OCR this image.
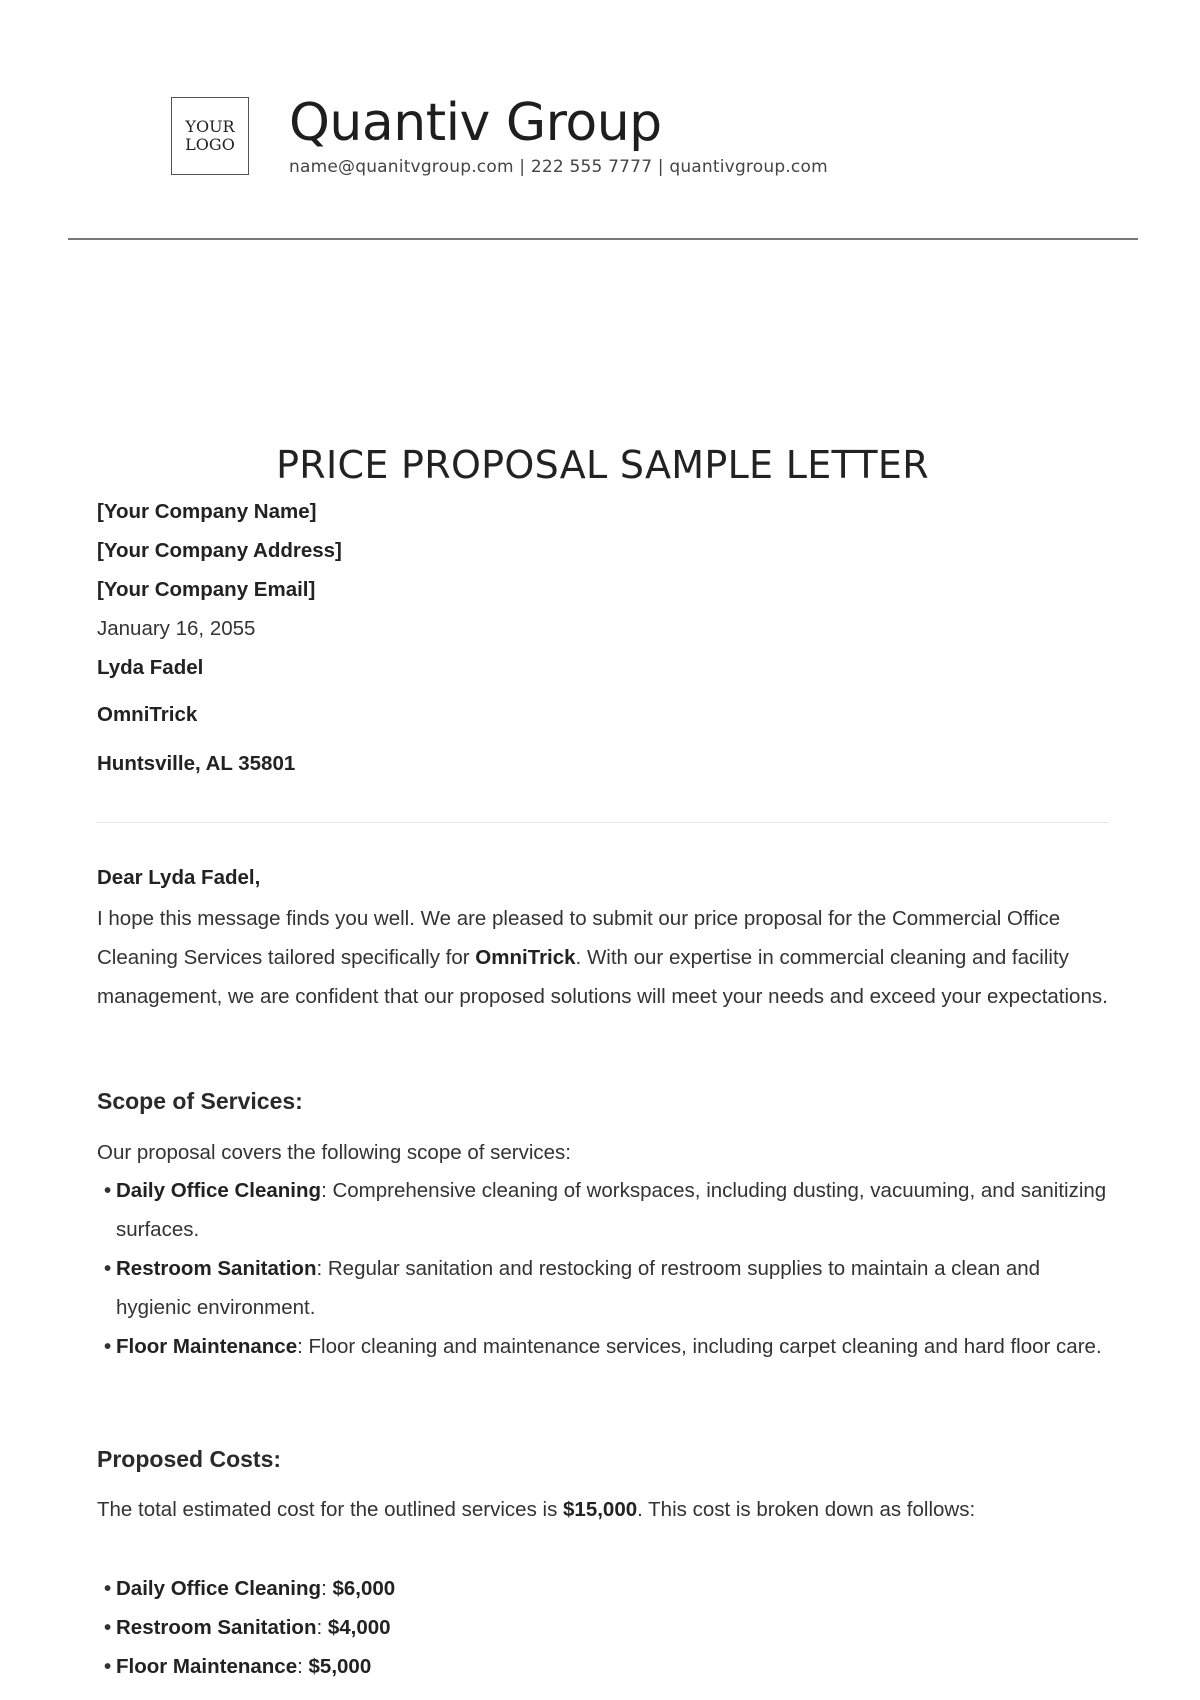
YOUR
LOGO Quantiv Group
name@quanitvgroup.com | 222 555 7777 | quantivgroup.com
PRICE PROPOSAL SAMPLE LETTER
[Your Company Name]
[Your Company Address]
[Your Company Email]
January 16, 2055
Lyda Fadel
OmniTrick
Huntsville, AL 35801
Dear Lyda Fadel,
I hope this message finds you well. We are pleased to submit our price proposal for the Commercial Office Cleaning Services tailored specifically for OmniTrick. With our expertise in commercial cleaning and facility management, we are confident that our proposed solutions will meet your needs and exceed your expectations.
Scope of Services:
Our proposal covers the following scope of services:
• Daily Office Cleaning: Comprehensive cleaning of workspaces, including dusting, vacuuming, and sanitizing surfaces.
• Restroom Sanitation: Regular sanitation and restocking of restroom supplies to maintain a clean and hygienic environment.
• Floor Maintenance: Floor cleaning and maintenance services, including carpet cleaning and hard floor care.
Proposed Costs:
The total estimated cost for the outlined services is $15,000. This cost is broken down as follows:
• Daily Office Cleaning: $6,000
• Restroom Sanitation: $4,000
• Floor Maintenance: $5,000
